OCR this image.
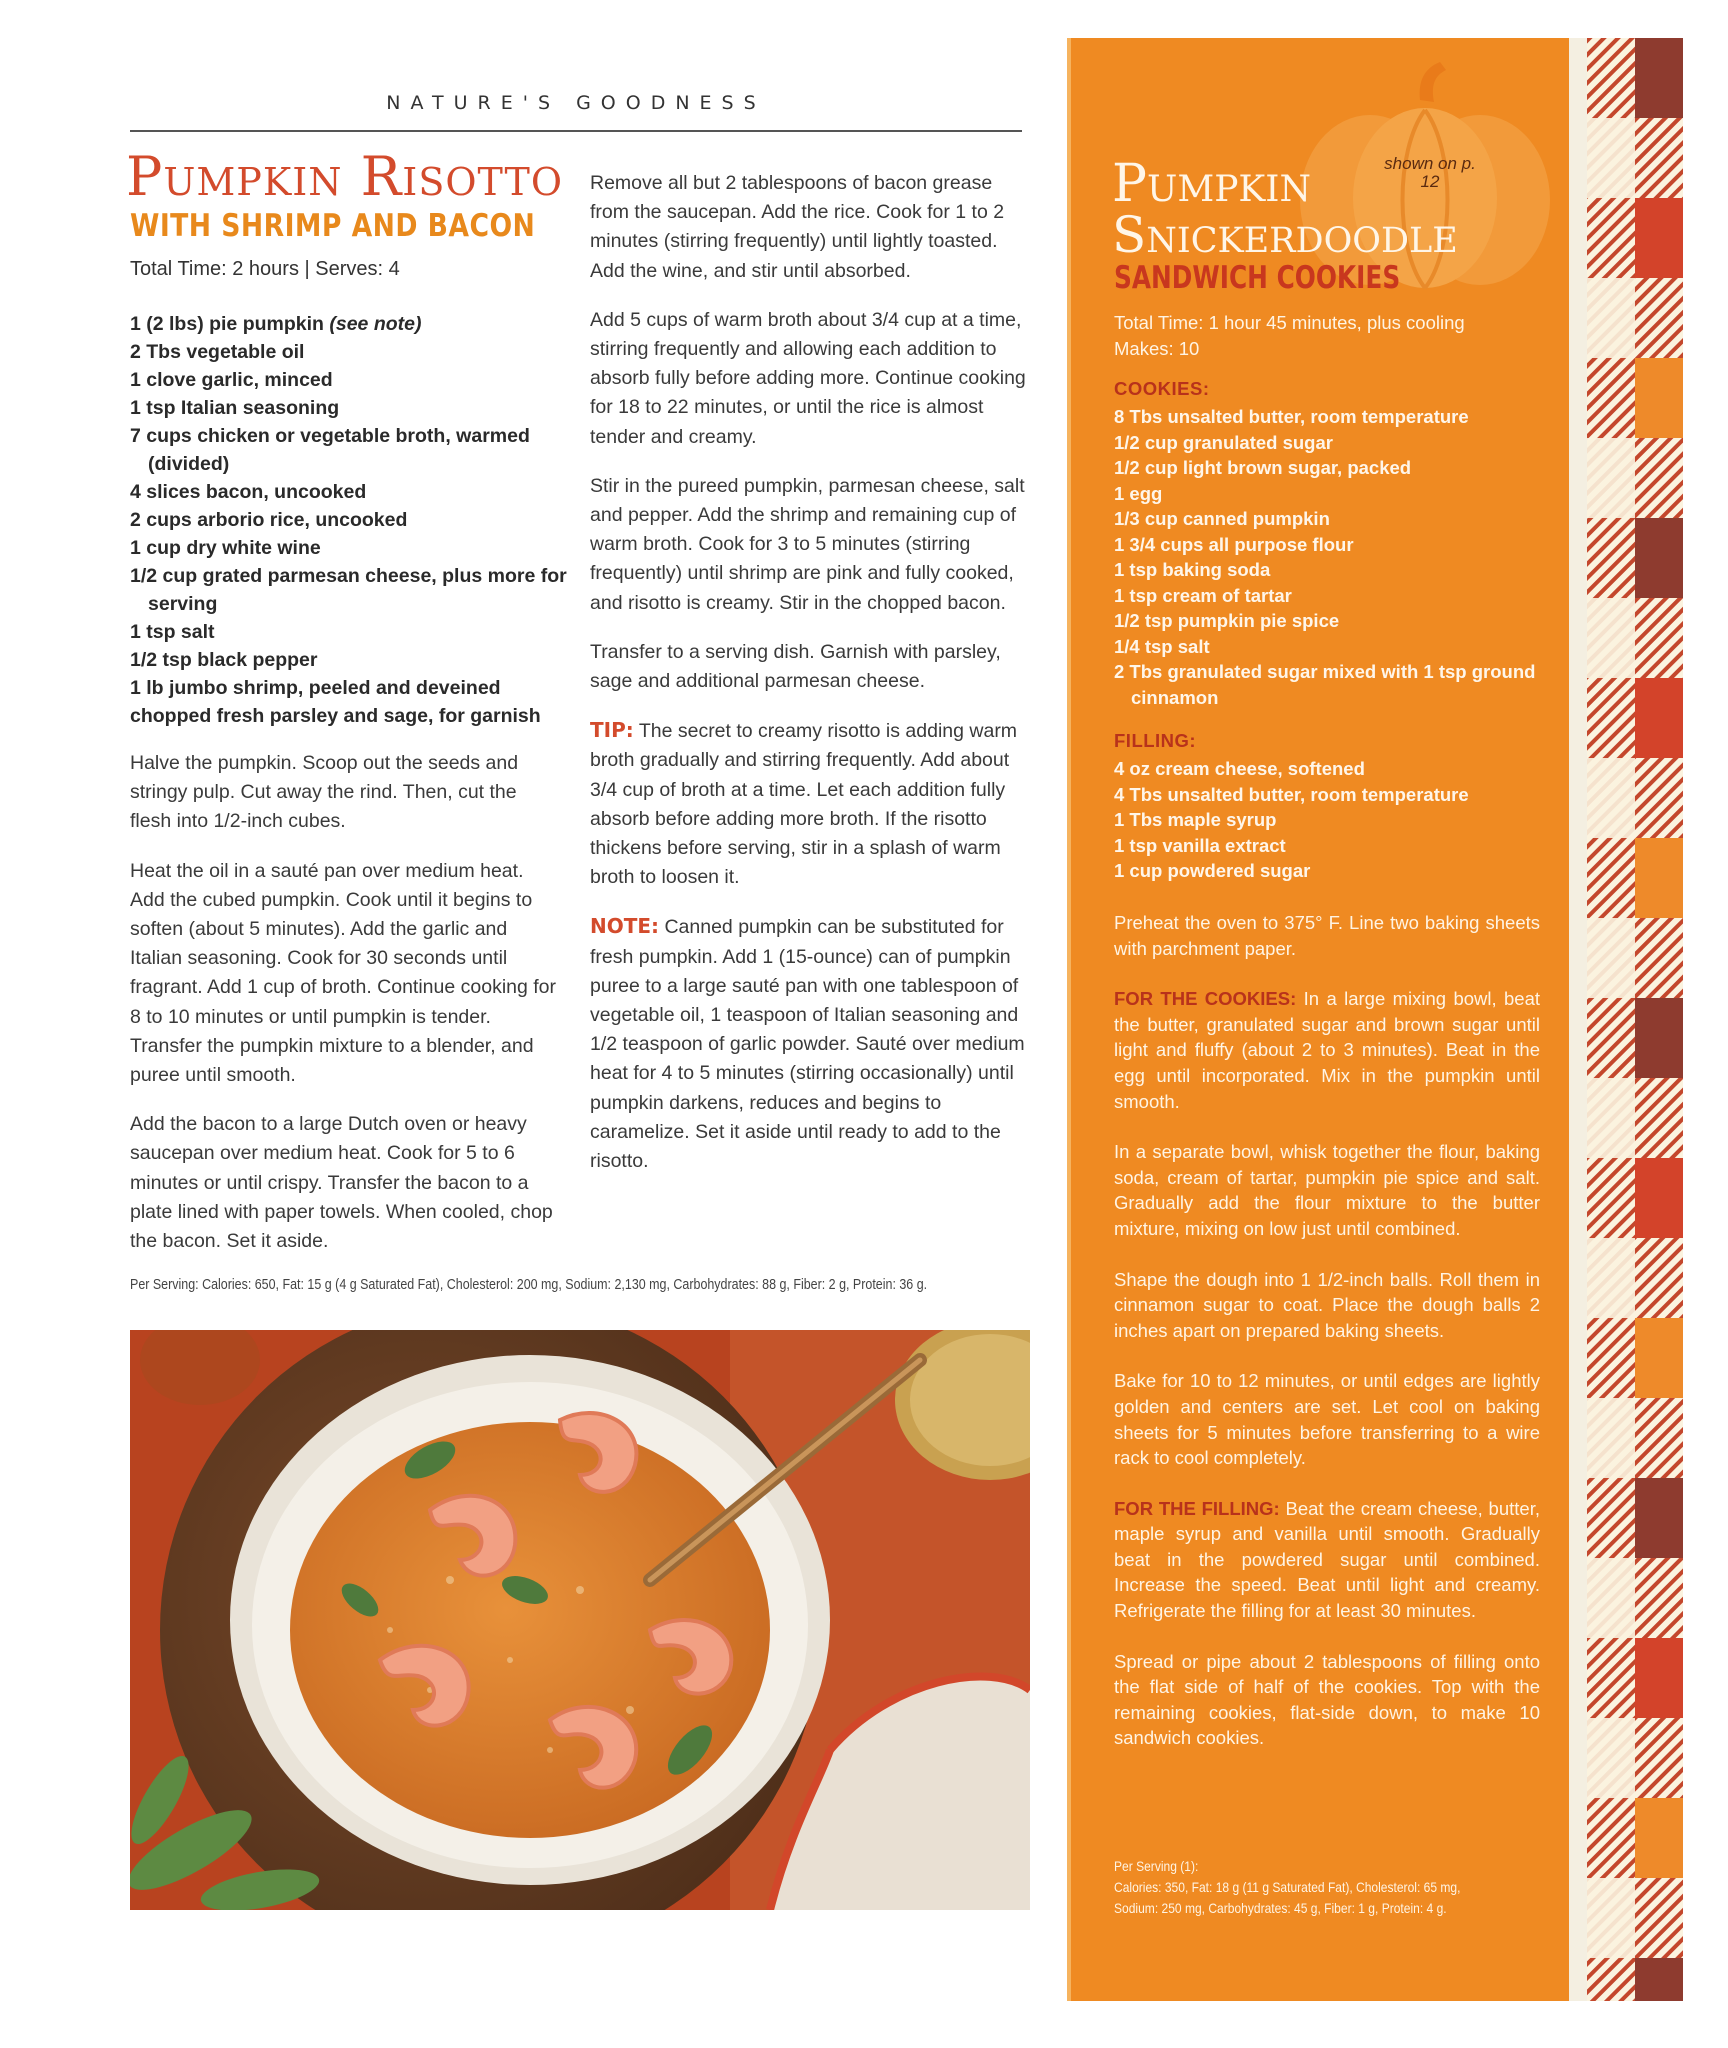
NATURE'S GOODNESS
Pumpkin Risotto
WITH SHRIMP AND BACON
Total Time: 2 hours | Serves: 4
1 (2 lbs) pie pumpkin (see note)
2 Tbs vegetable oil
1 clove garlic, minced
1 tsp Italian seasoning
7 cups chicken or vegetable broth, warmed (divided)
4 slices bacon, uncooked
2 cups arborio rice, uncooked
1 cup dry white wine
1/2 cup grated parmesan cheese, plus more for serving
1 tsp salt
1/2 tsp black pepper
1 lb jumbo shrimp, peeled and deveined
chopped fresh parsley and sage, for garnish

Halve the pumpkin. Scoop out the seeds and stringy pulp. Cut away the rind. Then, cut the flesh into 1/2-inch cubes.

Heat the oil in a sauté pan over medium heat. Add the cubed pumpkin. Cook until it begins to soften (about 5 minutes). Add the garlic and Italian seasoning. Cook for 30 seconds until fragrant. Add 1 cup of broth. Continue cooking for 8 to 10 minutes or until pumpkin is tender. Transfer the pumpkin mixture to a blender, and puree until smooth.

Add the bacon to a large Dutch oven or heavy saucepan over medium heat. Cook for 5 to 6 minutes or until crispy. Transfer the bacon to a plate lined with paper towels. When cooled, chop the bacon. Set it aside.

Remove all but 2 tablespoons of bacon grease from the saucepan. Add the rice. Cook for 1 to 2 minutes (stirring frequently) until lightly toasted. Add the wine, and stir until absorbed.

Add 5 cups of warm broth about 3/4 cup at a time, stirring frequently and allowing each addition to absorb fully before adding more. Continue cooking for 18 to 22 minutes, or until the rice is almost tender and creamy.

Stir in the pureed pumpkin, parmesan cheese, salt and pepper. Add the shrimp and remaining cup of warm broth. Cook for 3 to 5 minutes (stirring frequently) until shrimp are pink and fully cooked, and risotto is creamy. Stir in the chopped bacon.

Transfer to a serving dish. Garnish with parsley, sage and additional parmesan cheese.

TIP: The secret to creamy risotto is adding warm broth gradually and stirring frequently. Add about 3/4 cup of broth at a time. Let each addition fully absorb before adding more broth. If the risotto thickens before serving, stir in a splash of warm broth to loosen it.

NOTE: Canned pumpkin can be substituted for fresh pumpkin. Add 1 (15-ounce) can of pumpkin puree to a large sauté pan with one tablespoon of vegetable oil, 1 teaspoon of Italian seasoning and 1/2 teaspoon of garlic powder. Sauté over medium heat for 4 to 5 minutes (stirring occasionally) until pumpkin darkens, reduces and begins to caramelize. Set it aside until ready to add to the risotto.

Per Serving: Calories: 650, Fat: 15 g (4 g Saturated Fat), Cholesterol: 200 mg, Sodium: 2,130 mg, Carbohydrates: 88 g, Fiber: 2 g, Protein: 36 g.
shown on p. 12
Pumpkin
Snickerdoodle
SANDWICH COOKIES
Total Time: 1 hour 45 minutes, plus cooling
Makes: 10
COOKIES:
8 Tbs unsalted butter, room temperature
1/2 cup granulated sugar
1/2 cup light brown sugar, packed
1 egg
1/3 cup canned pumpkin
1 3/4 cups all purpose flour
1 tsp baking soda
1 tsp cream of tartar
1/2 tsp pumpkin pie spice
1/4 tsp salt
2 Tbs granulated sugar mixed with 1 tsp ground cinnamon
FILLING:
4 oz cream cheese, softened
4 Tbs unsalted butter, room temperature
1 Tbs maple syrup
1 tsp vanilla extract
1 cup powdered sugar

Preheat the oven to 375° F. Line two baking sheets with parchment paper.

FOR THE COOKIES: In a large mixing bowl, beat the butter, granulated sugar and brown sugar until light and fluffy (about 2 to 3 minutes). Beat in the egg until incorporated. Mix in the pumpkin until smooth.

In a separate bowl, whisk together the flour, baking soda, cream of tartar, pumpkin pie spice and salt. Gradually add the flour mixture to the butter mixture, mixing on low just until combined.

Shape the dough into 1 1/2-inch balls. Roll them in cinnamon sugar to coat. Place the dough balls 2 inches apart on prepared baking sheets.

Bake for 10 to 12 minutes, or until edges are lightly golden and centers are set. Let cool on baking sheets for 5 minutes before transferring to a wire rack to cool completely.

FOR THE FILLING: Beat the cream cheese, butter, maple syrup and vanilla until smooth. Gradually beat in the powdered sugar until combined. Increase the speed. Beat until light and creamy. Refrigerate the filling for at least 30 minutes.

Spread or pipe about 2 tablespoons of filling onto the flat side of half of the cookies. Top with the remaining cookies, flat-side down, to make 10 sandwich cookies.

Per Serving (1):
Calories: 350, Fat: 18 g (11 g Saturated Fat), Cholesterol: 65 mg,
Sodium: 250 mg, Carbohydrates: 45 g, Fiber: 1 g, Protein: 4 g.
